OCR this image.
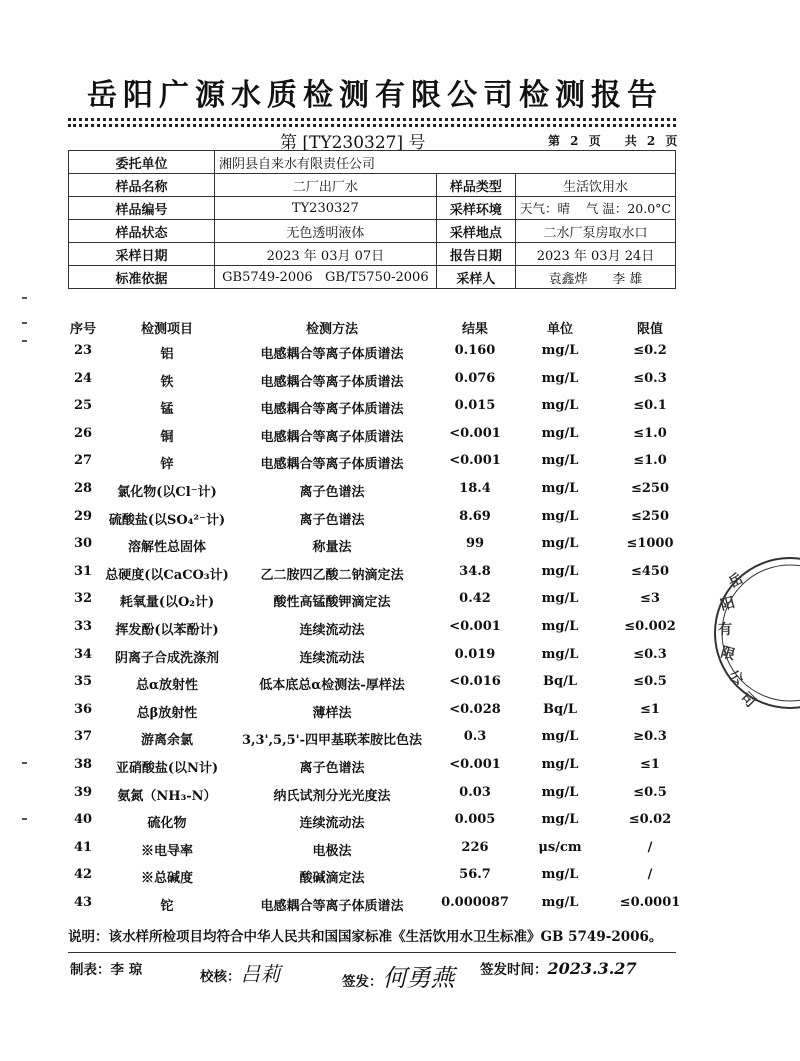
岳阳广源水质检测有限公司检测报告
第 [TY230327] 号	第 2 页 共 2 页
委托单位	湘阴县自来水有限责任公司		
样品名称	二厂出厂水	样品类型	生活饮用水
样品编号	TY230327	采样环境	天气：晴    气 温：20.0°C
样品状态	无色透明液体	采样地点	二水厂泵房取水口
采样日期	2023 年 03月 07日	报告日期	2023 年 03月 24日
标准依据	GB5749-2006   GB/T5750-2006	采样人	袁鑫烨      李 雄
序号	检测项目	检测方法	结果	单位	限值
23	铝	电感耦合等离子体质谱法	0.160	mg/L	≤0.2
24	铁	电感耦合等离子体质谱法	0.076	mg/L	≤0.3
25	锰	电感耦合等离子体质谱法	0.015	mg/L	≤0.1
26	铜	电感耦合等离子体质谱法	<0.001	mg/L	≤1.0
27	锌	电感耦合等离子体质谱法	<0.001	mg/L	≤1.0
28	氯化物(以Cl⁻计)	离子色谱法	18.4	mg/L	≤250
29	硫酸盐(以SO₄²⁻计)	离子色谱法	8.69	mg/L	≤250
30	溶解性总固体	称量法	99	mg/L	≤1000
31	总硬度(以CaCO₃计)	乙二胺四乙酸二钠滴定法	34.8	mg/L	≤450
32	耗氧量(以O₂计)	酸性高锰酸钾滴定法	0.42	mg/L	≤3
33	挥发酚(以苯酚计)	连续流动法	<0.001	mg/L	≤0.002
34	阴离子合成洗涤剂	连续流动法	0.019	mg/L	≤0.3
35	总α放射性	低本底总α检测法-厚样法	<0.016	Bq/L	≤0.5
36	总β放射性	薄样法	<0.028	Bq/L	≤1
37	游离余氯	3,3',5,5'-四甲基联苯胺比色法	0.3	mg/L	≥0.3
38	亚硝酸盐(以N计)	离子色谱法	<0.001	mg/L	≤1
39	氨氮（NH₃-N）	纳氏试剂分光光度法	0.03	mg/L	≤0.5
40	硫化物	连续流动法	0.005	mg/L	≤0.02
41	※电导率	电极法	226	μs/cm	/
42	※总碱度	酸碱滴定法	56.7	mg/L	/
43	铊	电感耦合等离子体质谱法	0.000087	mg/L	≤0.0001
说明：该水样所检项目均符合中华人民共和国国家标准《生活饮用水卫生标准》GB 5749-2006。
制表：李 琼	校核：吕莉	签发：何勇燕 签发时间：2023.3.27
岳
阳
有
限
公
司
